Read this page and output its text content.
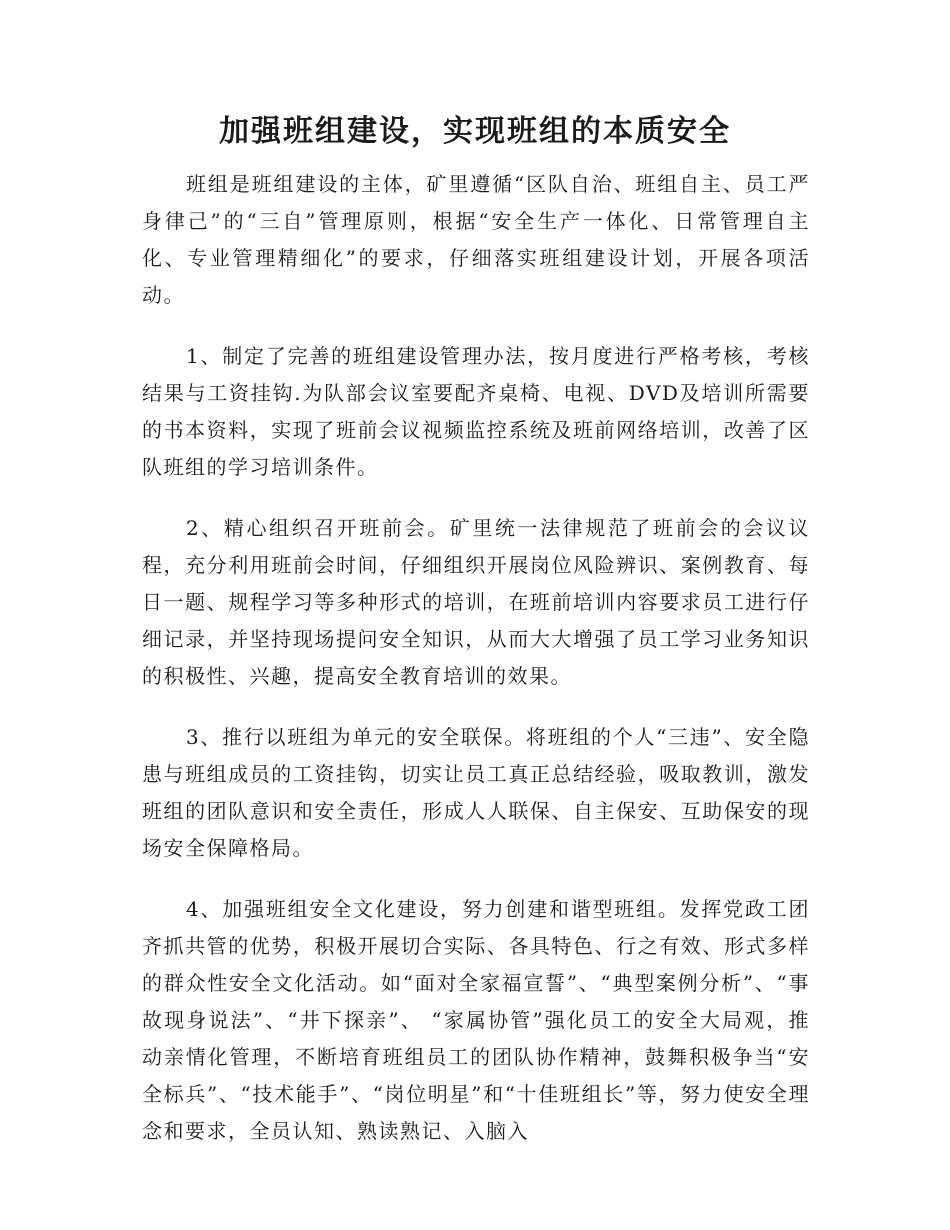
加强班组建设，实现班组的本质安全

班组是班组建设的主体，矿里遵循“区队自治、班组自主、员工严身律己”的“三自”管理原则，根据“安全生产一体化、日常管理自主化、专业管理精细化”的要求，仔细落实班组建设计划，开展各项活动。

1、制定了完善的班组建设管理办法，按月度进行严格考核，考核结果与工资挂钩.为队部会议室要配齐桌椅、电视、DVD及培训所需要的书本资料，实现了班前会议视频监控系统及班前网络培训，改善了区队班组的学习培训条件。

2、精心组织召开班前会。矿里统一法律规范了班前会的会议议程，充分利用班前会时间，仔细组织开展岗位风险辨识、案例教育、每日一题、规程学习等多种形式的培训，在班前培训内容要求员工进行仔细记录，并坚持现场提问安全知识，从而大大增强了员工学习业务知识的积极性、兴趣，提高安全教育培训的效果。

3、推行以班组为单元的安全联保。将班组的个人“三违”、安全隐患与班组成员的工资挂钩，切实让员工真正总结经验，吸取教训，激发班组的团队意识和安全责任，形成人人联保、自主保安、互助保安的现场安全保障格局。

4、加强班组安全文化建设，努力创建和谐型班组。发挥党政工团齐抓共管的优势，积极开展切合实际、各具特色、行之有效、形式多样的群众性安全文化活动。如“面对全家福宣誓”、“典型案例分析”、“事故现身说法”、“井下探亲”、 “家属协管”强化员工的安全大局观，推动亲情化管理，不断培育班组员工的团队协作精神，鼓舞积极争当“安全标兵”、“技术能手”、“岗位明星”和“十佳班组长”等，努力使安全理念和要求，全员认知、熟读熟记、入脑入
